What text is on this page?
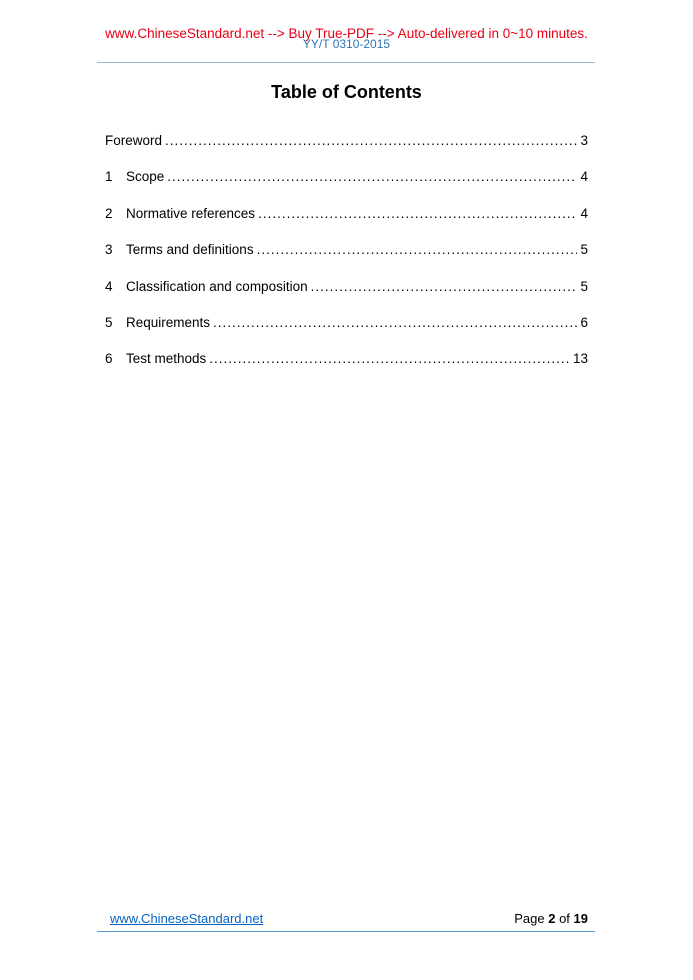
www.ChineseStandard.net --> Buy True-PDF --> Auto-delivered in 0~10 minutes.
YY/T 0310-2015
Table of Contents
Foreword .....	3
1 Scope .....	4
2 Normative references .....	4
3 Terms and definitions .....	5
4 Classification and composition .....	5
5 Requirements .....	6
6 Test methods .....	13
www.ChineseStandard.net	Page 2 of 19
